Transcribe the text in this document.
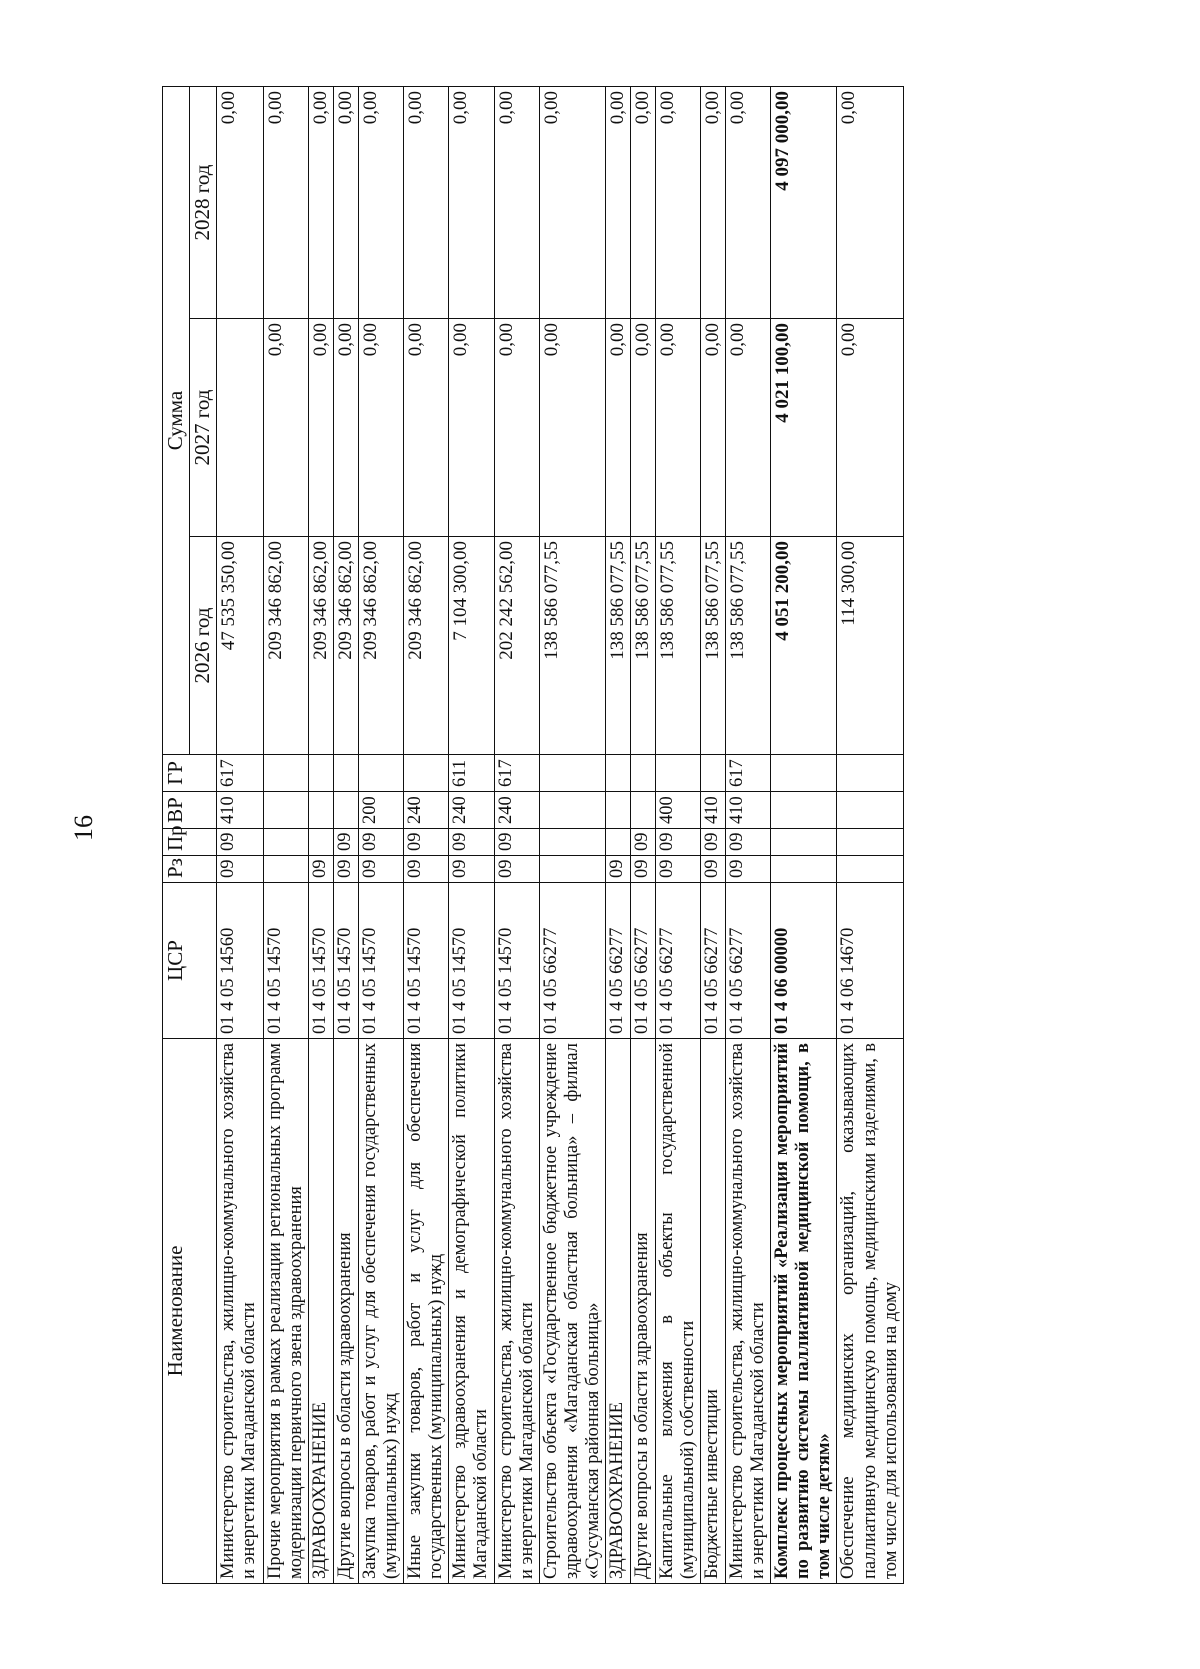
16
Наименование	ЦСР	Рз	Пр	ВР	ГР	Сумма		
						2026 год	2027 год	2028 год
Министерство строительства, жилищно-коммунального хозяйства и энергетики Магаданской области	01 4 05 14560	09	09	410	617	47 535 350,00		0,00
Прочие мероприятия в рамках реализации региональных программ модернизации первичного звена здравоохранения	01 4 05 14570					209 346 862,00	0,00	0,00
ЗДРАВООХРАНЕНИЕ	01 4 05 14570	09				209 346 862,00	0,00	0,00
Другие вопросы в области здравоохранения	01 4 05 14570	09	09			209 346 862,00	0,00	0,00
Закупка товаров, работ и услуг для обеспечения государственных (муниципальных) нужд	01 4 05 14570	09	09	200		209 346 862,00	0,00	0,00
Иные закупки товаров, работ и услуг для обеспечения государственных (муниципальных) нужд	01 4 05 14570	09	09	240		209 346 862,00	0,00	0,00
Министерство здравоохранения и демографической политики Магаданской области	01 4 05 14570	09	09	240	611	7 104 300,00	0,00	0,00
Министерство строительства, жилищно-коммунального хозяйства и энергетики Магаданской области	01 4 05 14570	09	09	240	617	202 242 562,00	0,00	0,00
Строительство объекта «Государственное бюджетное учреждение здравоохранения «Магаданская областная больница» – филиал «Сусуманская районная больница»	01 4 05 66277					138 586 077,55	0,00	0,00
ЗДРАВООХРАНЕНИЕ	01 4 05 66277	09				138 586 077,55	0,00	0,00
Другие вопросы в области здравоохранения	01 4 05 66277	09	09			138 586 077,55	0,00	0,00
Капитальные вложения в объекты государственной (муниципальной) собственности	01 4 05 66277	09	09	400		138 586 077,55	0,00	0,00
Бюджетные инвестиции	01 4 05 66277	09	09	410		138 586 077,55	0,00	0,00
Министерство строительства, жилищно-коммунального хозяйства и энергетики Магаданской области	01 4 05 66277	09	09	410	617	138 586 077,55	0,00	0,00
Комплекс процессных мероприятий «Реализация мероприятий по развитию системы паллиативной медицинской помощи, в том числе детям»	01 4 06 00000					4 051 200,00	4 021 100,00	4 097 000,00
Обеспечение медицинских организаций, оказывающих паллиативную медицинскую помощь, медицинскими изделиями, в том числе для использования на дому	01 4 06 14670					114 300,00	0,00	0,00
